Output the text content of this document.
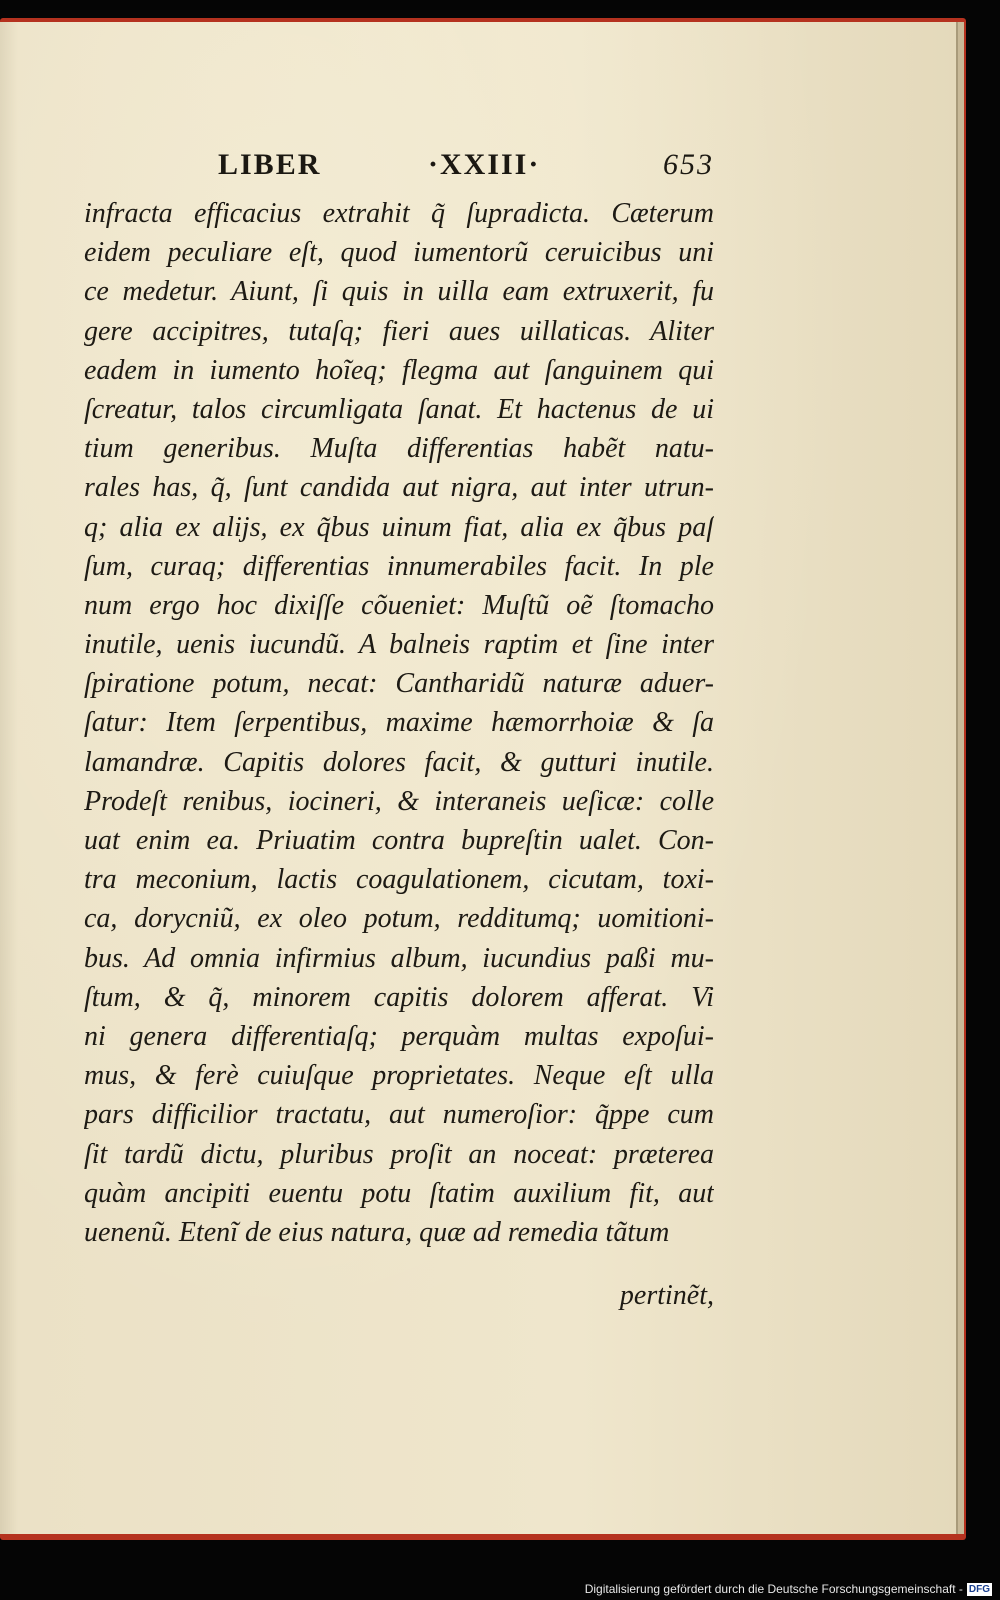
LIBER	·XXIII·	653
infracta efficacius extrahit q̃ ſupradicta. Cæterum
eidem peculiare eſt, quod iumentorũ ceruicibus uni
ce medetur. Aiunt, ſi quis in uilla eam extruxerit, fu
gere accipitres, tutaſq; fieri aues uillaticas. Aliter
eadem in iumento hoĩeq; flegma aut ſanguinem qui
ſcreatur, talos circumligata ſanat. Et hactenus de ui
tium generibus. Muſta differentias habẽt natu-
rales has, q̃, ſunt candida aut nigra, aut inter utrun-
q; alia ex alijs, ex q̃bus uinum fiat, alia ex q̃bus paſ
ſum, curaq; differentias innumerabiles facit. In ple
num ergo hoc dixiſſe cõueniet: Muſtũ oẽ ſtomacho
inutile, uenis iucundũ. A balneis raptim et ſine inter
ſpiratione potum, necat: Cantharidũ naturæ aduer-
ſatur: Item ſerpentibus, maxime hæmorrhoiæ & ſa
lamandræ. Capitis dolores facit, & gutturi inutile.
Prodeſt renibus, iocineri, & interaneis ueſicæ: colle
uat enim ea. Priuatim contra bupreſtin ualet. Con-
tra meconium, lactis coagulationem, cicutam, toxi-
ca, dorycniũ, ex oleo potum, redditumq; uomitioni-
bus. Ad omnia infirmius album, iucundius paßi mu-
ſtum, & q̃, minorem capitis dolorem afferat. Vi
ni genera differentiaſq; perquàm multas expoſui-
mus, & ferè cuiuſque proprietates. Neque eſt ulla
pars difficilior tractatu, aut numeroſior: q̃ppe cum
ſit tardũ dictu, pluribus proſit an noceat: præterea
quàm ancipiti euentu potu ſtatim auxilium fit, aut
uenenũ. Etenĩ de eius natura, quæ ad remedia tãtum
pertinẽt,
Digitalisierung gefördert durch die Deutsche Forschungsgemeinschaft - DFG
